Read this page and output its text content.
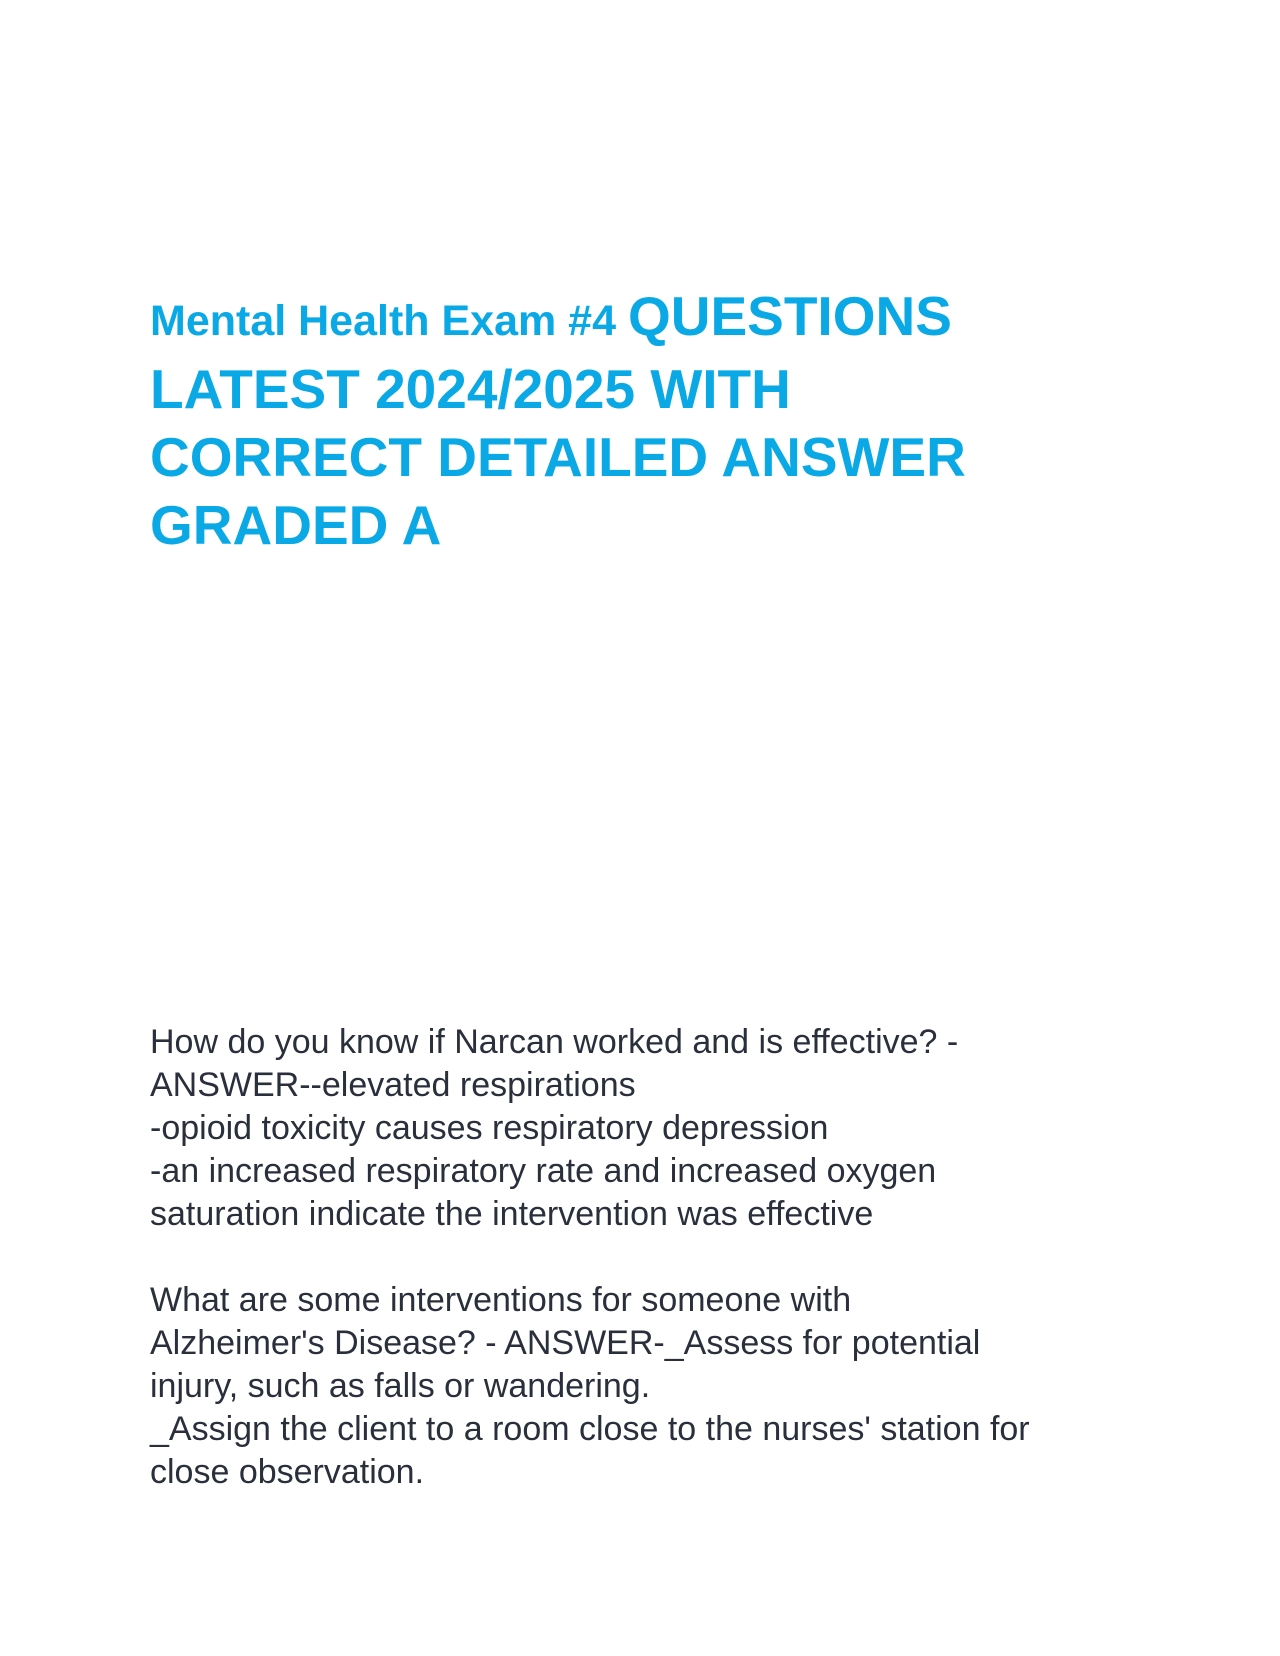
Mental Health Exam #4 QUESTIONS
LATEST 2024/2025 WITH
CORRECT DETAILED ANSWER
GRADED A
How do you know if Narcan worked and is effective? -
ANSWER--elevated respirations
-opioid toxicity causes respiratory depression
-an increased respiratory rate and increased oxygen
saturation indicate the intervention was effective
What are some interventions for someone with
Alzheimer's Disease? - ANSWER-_Assess for potential
injury, such as falls or wandering.
_Assign the client to a room close to the nurses' station for
close observation.
